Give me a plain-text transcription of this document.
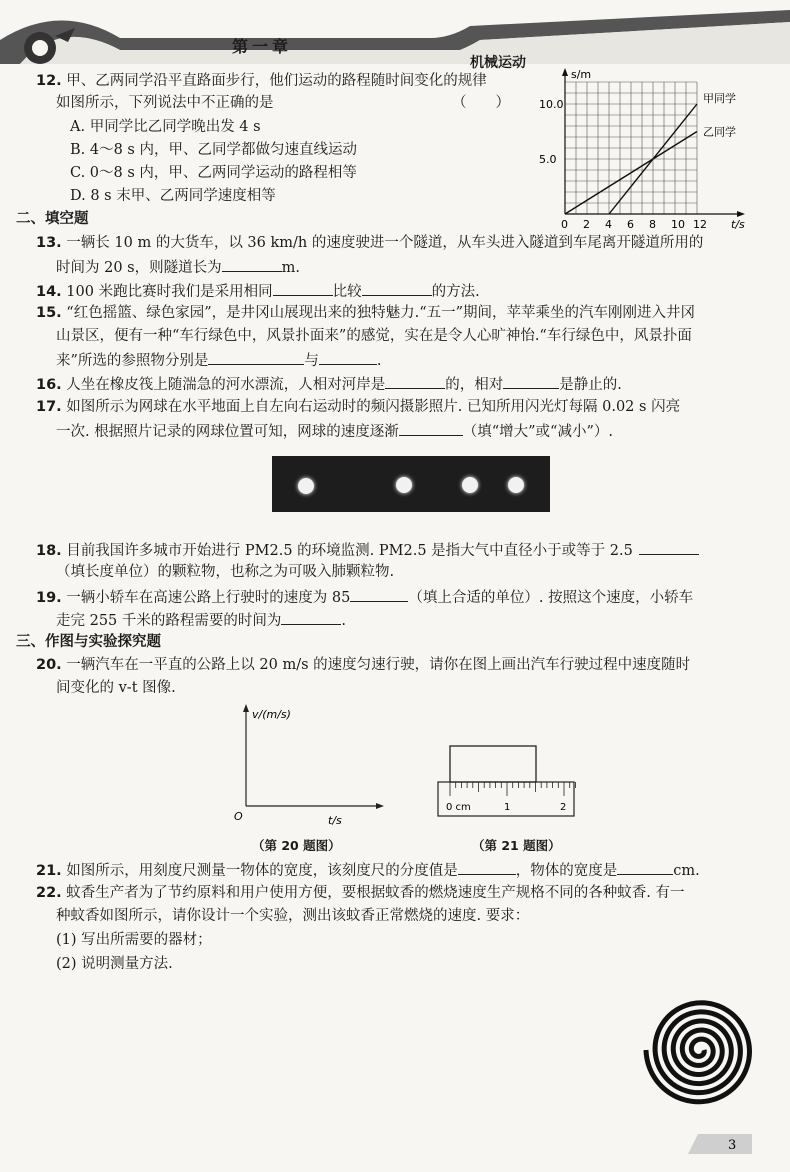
第一章
机械运动
12. 甲、乙两同学沿平直路面步行，他们运动的路程随时间变化的规律
如图所示，下列说法中不正确的是	（　　）
A. 甲同学比乙同学晚出发 4 s
B. 4～8 s 内，甲、乙同学都做匀速直线运动
C. 0～8 s 内，甲、乙两同学运动的路程相等
D. 8 s 末甲、乙两同学速度相等
0 2 4 6 8 10 12
5.0
10.0
s/m
t/s
甲同学
乙同学
二、填空题
13. 一辆长 10 m 的大货车，以 36 km/h 的速度驶进一个隧道，从车头进入隧道到车尾离开隧道所用的
时间为 20 s，则隧道长为	m.
14. 100 米跑比赛时我们是采用相同	比较	的方法.
15. “红色摇篮、绿色家园”，是井冈山展现出来的独特魅力.“五一”期间，苹苹乘坐的汽车刚刚进入井冈
山景区，便有一种“车行绿色中，风景扑面来”的感觉，实在是令人心旷神怡.“车行绿色中，风景扑面
来”所选的参照物分别是	与	.
16. 人坐在橡皮筏上随湍急的河水漂流，人相对河岸是	的，相对	是静止的.
17. 如图所示为网球在水平地面上自左向右运动时的频闪摄影照片. 已知所用闪光灯每隔 0.02 s 闪亮
一次. 根据照片记录的网球位置可知，网球的速度逐渐	（填“增大”或“减小”）.
18. 目前我国许多城市开始进行 PM2.5 的环境监测. PM2.5 是指大气中直径小于或等于 2.5
（填长度单位）的颗粒物，也称之为可吸入肺颗粒物.
19. 一辆小轿车在高速公路上行驶时的速度为 85	（填上合适的单位）. 按照这个速度，小轿车
走完 255 千米的路程需要的时间为	.
三、作图与实验探究题
20. 一辆汽车在一平直的公路上以 20 m/s 的速度匀速行驶，请你在图上画出汽车行驶过程中速度随时
间变化的 v-t 图像.
v/(m/s)
t/s
O
0 cm	1	2
（第 20 题图）	（第 21 题图）
21. 如图所示，用刻度尺测量一物体的宽度，该刻度尺的分度值是	，物体的宽度是	cm.
22. 蚊香生产者为了节约原料和用户使用方便，要根据蚊香的燃烧速度生产规格不同的各种蚊香. 有一
种蚊香如图所示，请你设计一个实验，测出该蚊香正常燃烧的速度. 要求：
(1) 写出所需要的器材；
(2) 说明测量方法.
3
